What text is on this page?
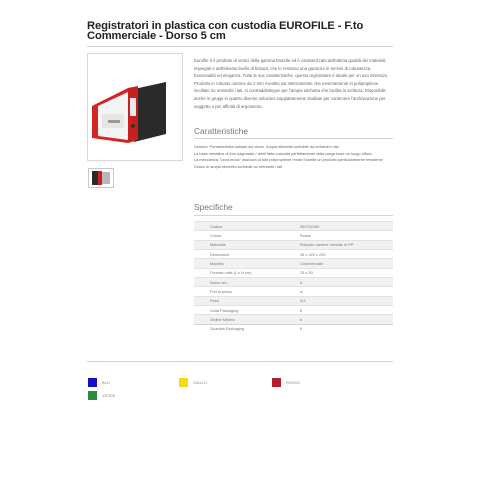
Registratori in plastica con custodia EUROFILE - F.to Commerciale - Dorso 5 cm

Eurofile è il prodotto di vertici della gamma Esselte ed è caratterizzato dall'ottima qualità dei materiali impiegati e dall'elevato livello di finitura, che lo rendono una garanzia in termini di robustezza, funzionalità ed eleganza. Tutte le sue caratteristiche, questo registratore è ideale per un uso intensivo. Prodotto in robusto cartone da 2 mm rivestito sia internamente che esternamente in polipropilene incollato su entrambi i lati, si contraddistingue per l'ampia etichetta che facilita la scrittura. Disponibile anche in gruppi in quattro diverse soluzioni soppiattamente studiate per contenere l'archiviazione per soggetto o per affinità di argomento.

Caratteristiche
Dorsino: Portaetichetta saldato sul dorso. Ampia etichetta scrivibile da entrambi i lati
La base metallica di foro sagomato / sterli fatta custodia perfettamente dalla piega base un luogo ufficio
La meccanica "Leva modo" assicura ai tutti polipropilene rende Esselte un prodotto particolarmente resistente
Dosso di ampia etichetta scrivibile su entrambi i lati
Specifiche
Codice	390752160
Colore	Rosso
Materiale	Robusto cartone rivestito in PP
Dimensioni	35 x 320 x 290
Modello	Commerciale
Formato utile (L x H cm)	23 x 30
Dorso cm	5
Fori di presa	si
Peso	3,9
Unità Packaging	6
Ordine Minimo	6
Quantità Packaging	6
BLU	GIALLO	ROSSO
VERDE
